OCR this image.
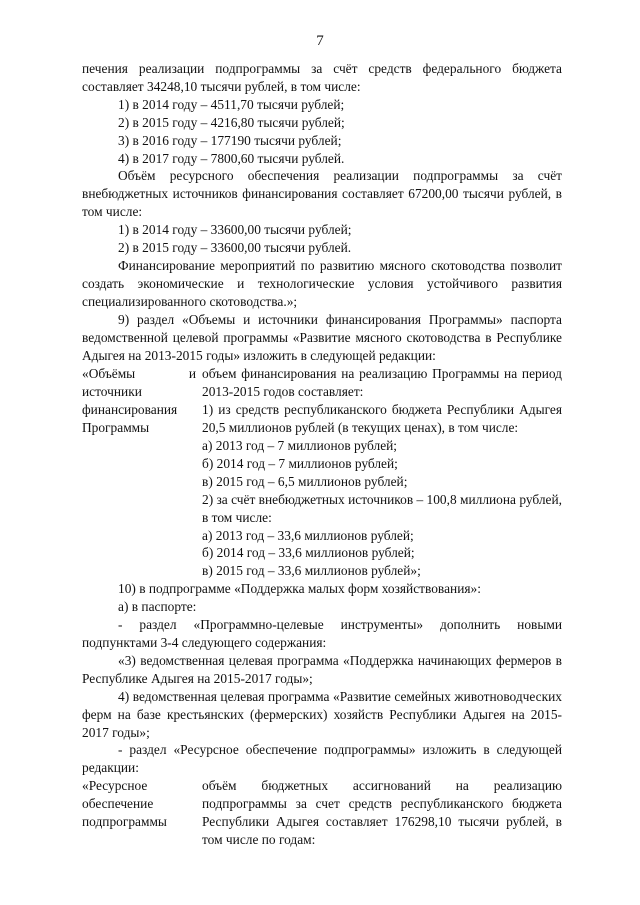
7

печения реализации подпрограммы за счёт средств федерального бюджета составляет 34248,10 тысячи рублей, в том числе:

1) в 2014 году – 4511,70 тысячи рублей;

2) в 2015 году – 4216,80 тысячи рублей;

3) в 2016 году – 177190 тысячи рублей;

4) в 2017 году – 7800,60 тысячи рублей.

Объём ресурсного обеспечения реализации подпрограммы за счёт внебюджетных источников финансирования составляет 67200,00 тысячи рублей, в том числе:

1) в 2014 году – 33600,00 тысячи рублей;

2) в 2015 году – 33600,00 тысячи рублей.

Финансирование мероприятий по развитию мясного скотоводства позволит создать экономические и технологические условия устойчивого развития специализированного скотоводства.»;

9) раздел «Объемы и источники финансирования Программы» паспорта ведомственной целевой программы «Развитие мясного скотоводства в Республике Адыгея на 2013-2015 годы» изложить в следующей редакции:

«Объёмы и источники финансирования Программы

объем финансирования на реализацию Программы на период 2013-2015 годов составляет:

1) из средств республиканского бюджета Республики Адыгея 20,5 миллионов рублей (в текущих ценах), в том числе:

а) 2013 год – 7 миллионов рублей;

б) 2014 год – 7 миллионов рублей;

в) 2015 год – 6,5 миллионов рублей;

2) за счёт внебюджетных источников – 100,8 миллиона рублей, в том числе:

а) 2013 год – 33,6 миллионов рублей;

б) 2014 год – 33,6 миллионов рублей;

в) 2015 год – 33,6 миллионов рублей»;

10) в подпрограмме «Поддержка малых форм хозяйствования»:

а) в паспорте:

- раздел «Программно-целевые инструменты» дополнить новыми подпунктами 3-4 следующего содержания:

«3) ведомственная целевая программа «Поддержка начинающих фермеров в Республике Адыгея на 2015-2017 годы»;

4) ведомственная целевая программа «Развитие семейных животноводческих ферм на базе крестьянских (фермерских) хозяйств Республики Адыгея на 2015-2017 годы»;

- раздел «Ресурсное обеспечение подпрограммы» изложить в следующей редакции:

«Ресурсное
обеспечение
подпрограммы

объём бюджетных ассигнований на реализацию подпрограммы за счет средств республиканского бюджета Республики Адыгея составляет 176298,10 тысячи рублей, в том числе по годам:
